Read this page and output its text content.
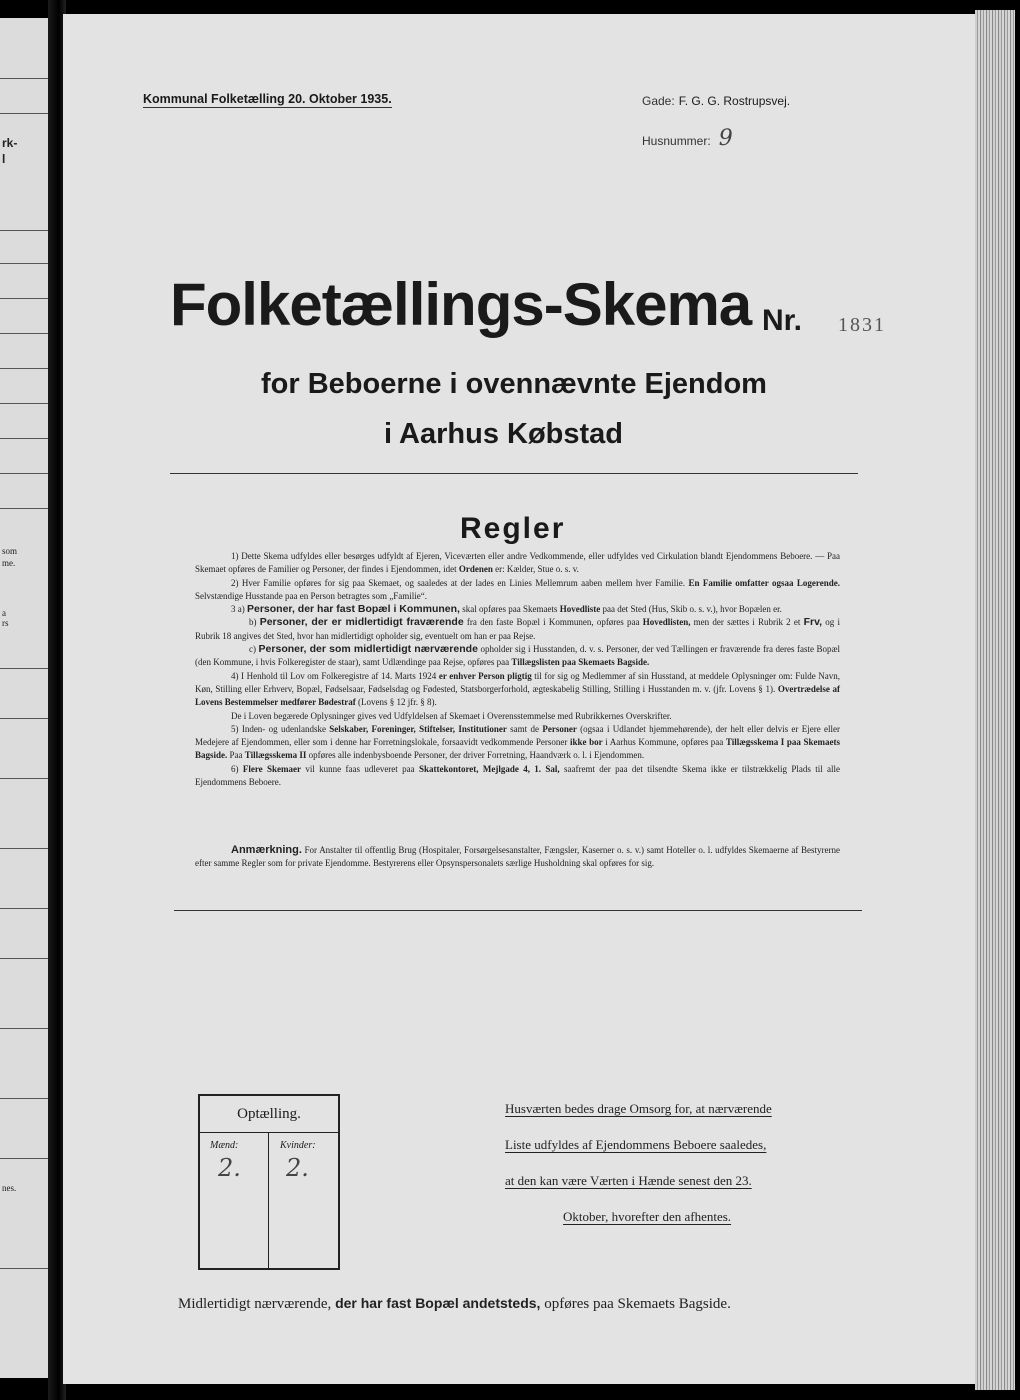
rk-
l
som
me.
a
rs
nes.
Kommunal Folketælling 20. Oktober 1935.	Gade: F. G. G. Rostrupsvej.
Husnummer: 9
Folketællings-Skema Nr. 1831
for Beboerne i ovennævnte Ejendom
i Aarhus Købstad
Regler

1) Dette Skema udfyldes eller besørges udfyldt af Ejeren, Viceværten eller andre Vedkommende, eller udfyldes ved Cirkulation blandt Ejendommens Beboere. — Paa Skemaet opføres de Familier og Personer, der findes i Ejendommen, idet Ordenen er: Kælder, Stue o. s. v.

2) Hver Familie opføres for sig paa Skemaet, og saaledes at der lades en Linies Mellemrum aaben mellem hver Familie. En Familie omfatter ogsaa Logerende. Selvstændige Husstande paa en Person betragtes som „Familie“.

3 a) Personer, der har fast Bopæl i Kommunen, skal opføres paa Skemaets Hovedliste paa det Sted (Hus, Skib o. s. v.), hvor Bopælen er.

b) Personer, der er midlertidigt fraværende fra den faste Bopæl i Kommunen, opføres paa Hovedlisten, men der sættes i Rubrik 2 et Frv, og i Rubrik 18 angives det Sted, hvor han midlertidigt opholder sig, eventuelt om han er paa Rejse.

c) Personer, der som midlertidigt nærværende opholder sig i Husstanden, d. v. s. Personer, der ved Tællingen er fraværende fra deres faste Bopæl (den Kommune, i hvis Folkeregister de staar), samt Udlændinge paa Rejse, opføres paa Tillægslisten paa Skemaets Bagside.

4) I Henhold til Lov om Folkeregistre af 14. Marts 1924 er enhver Person pligtig til for sig og Medlemmer af sin Husstand, at meddele Oplysninger om: Fulde Navn, Køn, Stilling eller Erhverv, Bopæl, Fødselsaar, Fødselsdag og Fødested, Statsborgerforhold, ægteskabelig Stilling, Stilling i Husstanden m. v. (jfr. Lovens § 1). Overtrædelse af Lovens Bestemmelser medfører Bødestraf (Lovens § 12 jfr. § 8).

De i Loven begærede Oplysninger gives ved Udfyldelsen af Skemaet i Overensstemmelse med Rubrikkernes Overskrifter.

5) Inden- og udenlandske Selskaber, Foreninger, Stiftelser, Institutioner samt de Personer (ogsaa i Udlandet hjemmehørende), der helt eller delvis er Ejere eller Medejere af Ejendommen, eller som i denne har Forretningslokale, forsaavidt vedkommende Personer ikke bor i Aarhus Kommune, opføres paa Tillægsskema I paa Skemaets Bagside. Paa Tillægsskema II opføres alle indenbysboende Personer, der driver Forretning, Haandværk o. l. i Ejendommen.

6) Flere Skemaer vil kunne faas udleveret paa Skattekontoret, Mejlgade 4, 1. Sal, saafremt der paa det tilsendte Skema ikke er tilstrækkelig Plads til alle Ejendommens Beboere.

Anmærkning. For Anstalter til offentlig Brug (Hospitaler, Forsørgelsesanstalter, Fængsler, Kaserner o. s. v.) samt Hoteller o. l. udfyldes Skemaerne af Bestyrerne efter samme Regler som for private Ejendomme. Bestyrerens eller Opsynspersonalets særlige Husholdning skal opføres for sig.

Optælling.
Mænd:	Kvinder:
2. 2.
Husværten bedes drage Omsorg for, at nærværende
Liste udfyldes af Ejendommens Beboere saaledes,
at den kan være Værten i Hænde senest den 23.
Oktober, hvorefter den afhentes.
Midlertidigt nærværende, der har fast Bopæl andetsteds, opføres paa Skemaets Bagside.
